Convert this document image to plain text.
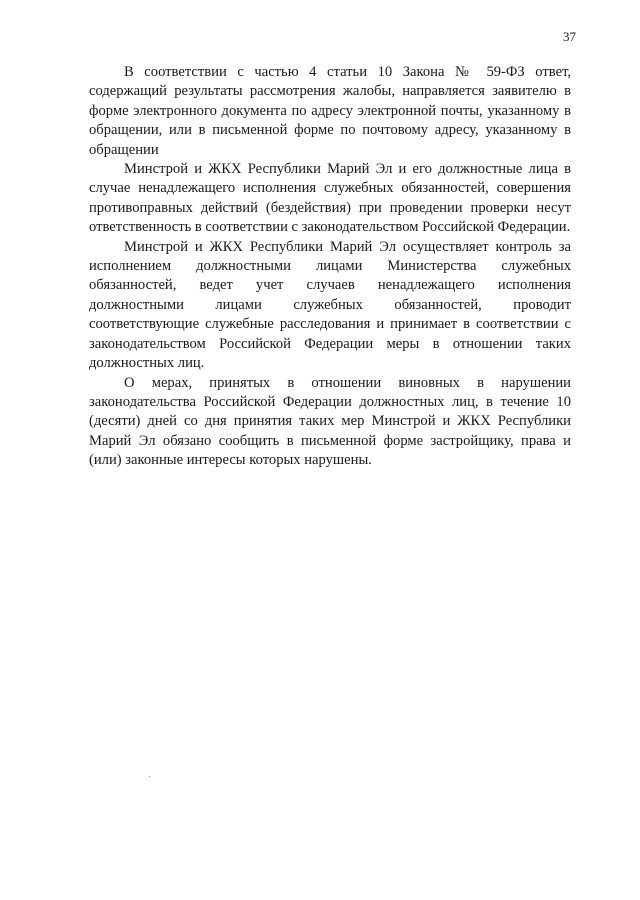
37

В соответствии с частью 4 статьи 10 Закона № 59-ФЗ ответ, содержащий результаты рассмотрения жалобы, направляется заявителю в форме электронного документа по адресу электронной почты, указанному в обращении, или в письменной форме по почтовому адресу, указанному в обращении

Минстрой и ЖКХ Республики Марий Эл и его должностные лица в случае ненадлежащего исполнения служебных обязанностей, совершения противоправных действий (бездействия) при проведении проверки несут ответственность в соответствии с законодательством Российской Федерации.

Минстрой и ЖКХ Республики Марий Эл осуществляет контроль за исполнением должностными лицами Министерства служебных обязанностей, ведет учет случаев ненадлежащего исполнения должностными лицами служебных обязанностей, проводит соответствующие служебные расследования и принимает в соответствии с законодательством Российской Федерации меры в отношении таких должностных лиц.

О мерах, принятых в отношении виновных в нарушении законодательства Российской Федерации должностных лиц, в течение 10 (десяти) дней со дня принятия таких мер Минстрой и ЖКХ Республики Марий Эл обязано сообщить в письменной форме застройщику, права и (или) законные интересы которых нарушены.
